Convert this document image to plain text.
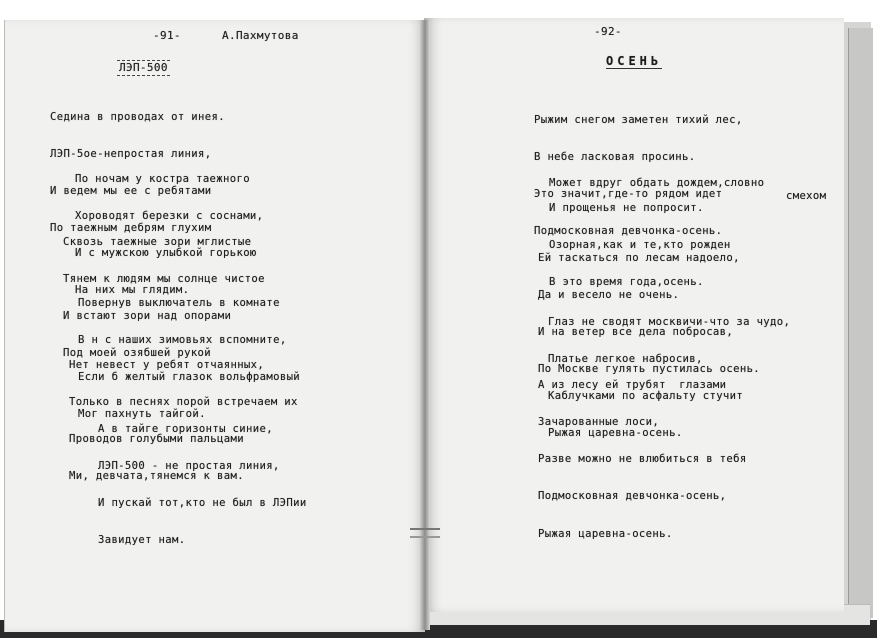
-91-	А.Пахмутова
ЛЭП-500

Седина в проводах от инея.

ЛЭП-5ое-непростая линия,

И ведем мы ее с ребятами

По таежным дебрям глухим

По ночам у костра таежного

Хороводят березки с соснами,

И с мужскою улыбкой горькою

На них мы глядим.

Сквозь таежные зори мглистые

Тянем к людям мы солнце чистое

И встают зори над опорами

Под моей озябшей рукой

Повернув выключатель в комнате

В н с наших зимовьях вспомните,

Если б желтый глазок вольфрамовый

Мог пахнуть тайгой.

Нет невест у ребят отчаянных,

Только в песнях порой встречаем их

Проводов голубыми пальцами

Ми, девчата,тянемся к вам.

А в тайге горизонты синие,

ЛЭП-500 - не простая линия,

И пускай тот,кто не был в ЛЭПии

Завидует нам.

-92-
ОСЕНЬ

Рыжим снегом заметен тихий лес,

В небе ласковая просинь.

Это значит,где-то рядом идет

Подмосковная девчонка-осень.

Может вдруг обдать дождем,словно

смехом

И прощенья не попросит.

Озорная,как и те,кто рожден

В это время года,осень.

Ей таскаться по лесам надоело,

Да и весело не очень.

И на ветер все дела побросав,

По Москве гулять пустилась осень.

Глаз не сводят москвичи-что за чудо,

Платье легкое набросив,

Каблучками по асфальту стучит

Рыжая царевна-осень.

А из лесу ей трубят  глазами

Зачарованные лоси,

Разве можно не влюбиться в тебя

Подмосковная девчонка-осень,

Рыжая царевна-осень.
